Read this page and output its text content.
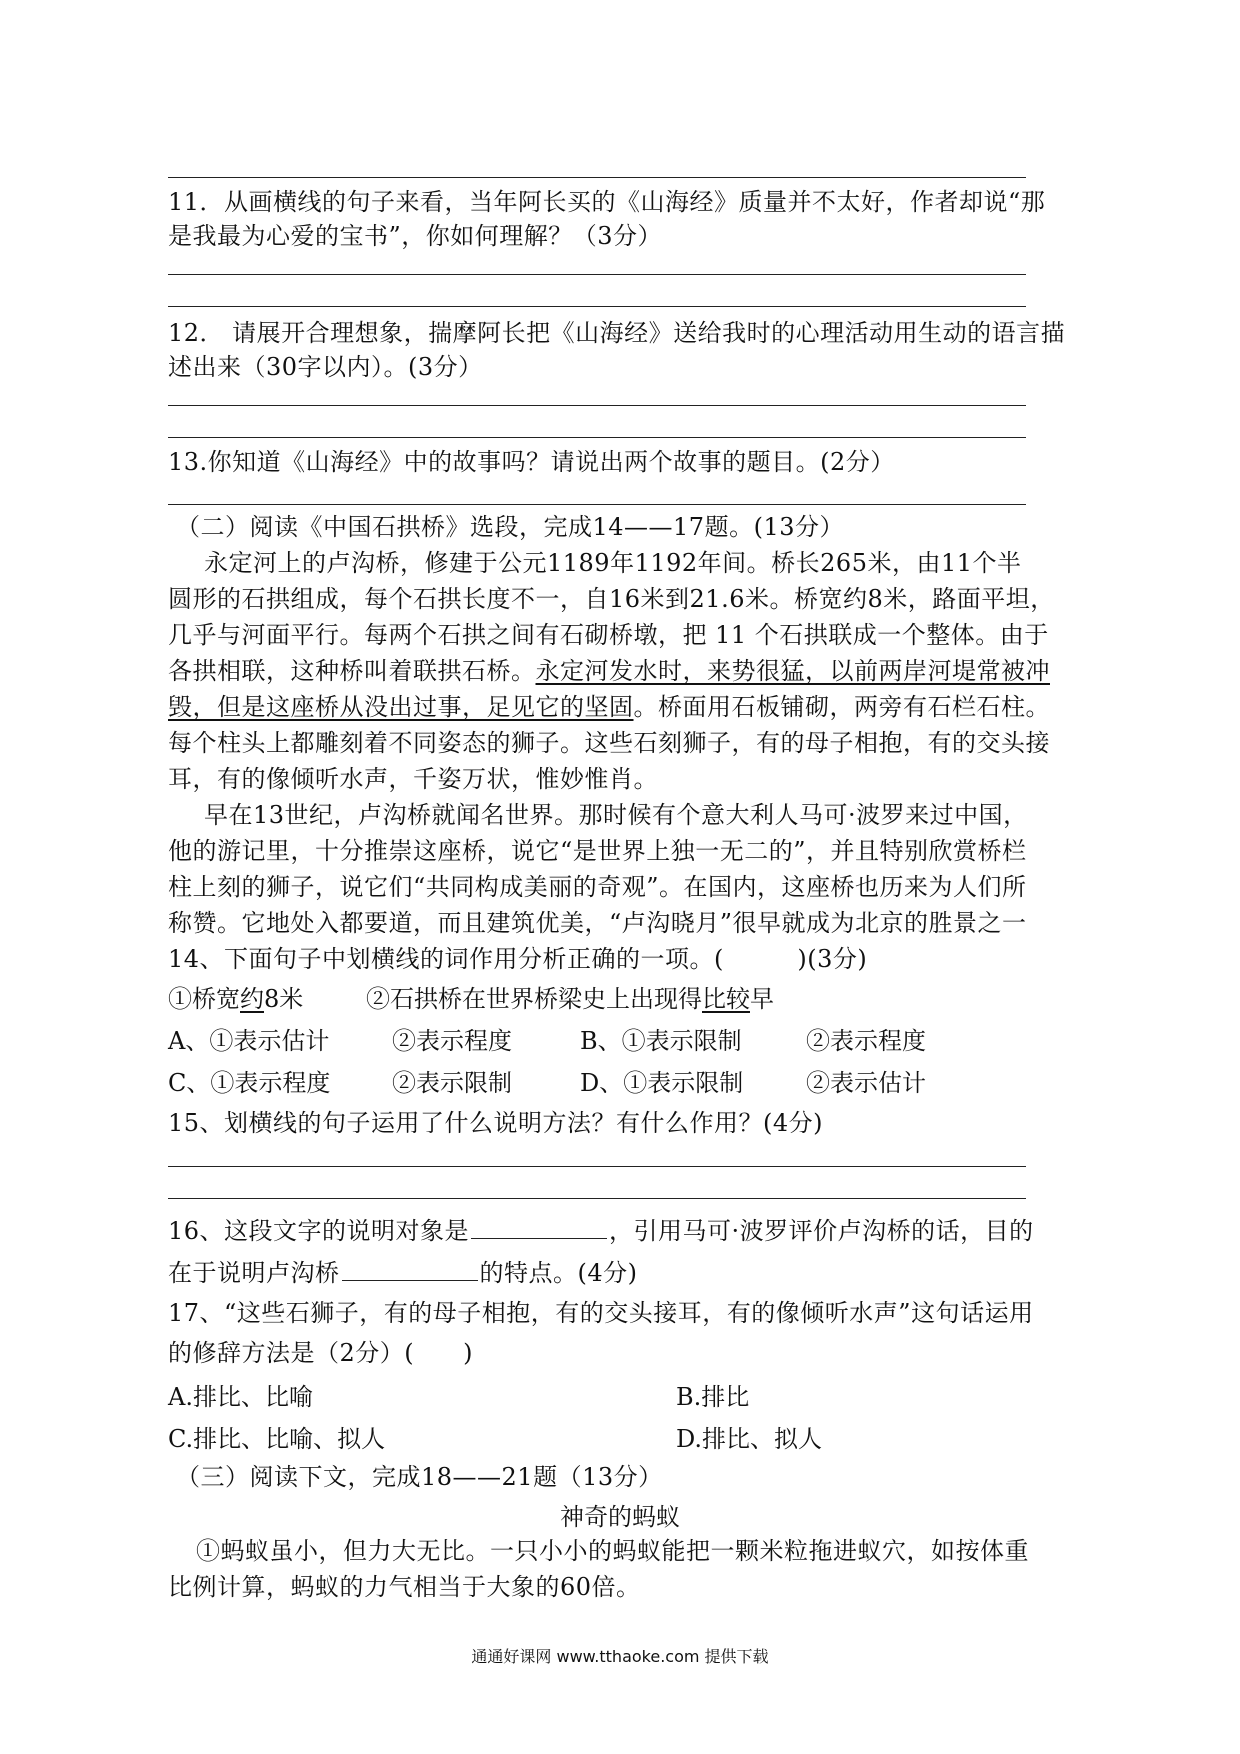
11．从画横线的句子来看，当年阿长买的《山海经》质量并不太好，作者却说“那
是我最为心爱的宝书”，你如何理解？（3分）
12． 请展开合理想象，揣摩阿长把《山海经》送给我时的心理活动用生动的语言描
述出来（30字以内）。(3分）
13.你知道《山海经》中的故事吗？请说出两个故事的题目。(2分）
（二）阅读《中国石拱桥》选段，完成14——17题。(13分）
永定河上的卢沟桥，修建于公元1189年1192年间。桥长265米，由11个半
圆形的石拱组成，每个石拱长度不一，自16米到21.6米。桥宽约8米，路面平坦，
几乎与河面平行。每两个石拱之间有石砌桥墩，把 11 个石拱联成一个整体。由于
各拱相联，这种桥叫着联拱石桥。永定河发水时，来势很猛，以前两岸河堤常被冲
毁，但是这座桥从没出过事，足见它的坚固。桥面用石板铺砌，两旁有石栏石柱。
每个柱头上都雕刻着不同姿态的狮子。这些石刻狮子，有的母子相抱，有的交头接
耳，有的像倾听水声，千姿万状，惟妙惟肖。
早在13世纪，卢沟桥就闻名世界。那时候有个意大利人马可·波罗来过中国，
他的游记里，十分推崇这座桥，说它“是世界上独一无二的”，并且特别欣赏桥栏
柱上刻的狮子，说它们“共同构成美丽的奇观”。在国内，这座桥也历来为人们所
称赞。它地处入都要道，而且建筑优美，“卢沟晓月”很早就成为北京的胜景之一
14、下面句子中划横线的词作用分析正确的一项。(　　　)(3分)
①桥宽约8米	②石拱桥在世界桥梁史上出现得比较早
A、①表示估计	②表示程度	B、①表示限制	②表示程度
C、①表示程度	②表示限制	D、①表示限制	②表示估计
15、划横线的句子运用了什么说明方法？有什么作用？(4分)
16、这段文字的说明对象是	，引用马可·波罗评价卢沟桥的话，目的
在于说明卢沟桥	的特点。(4分)
17、“这些石狮子，有的母子相抱，有的交头接耳，有的像倾听水声”这句话运用
的修辞方法是（2分）(　　)
A.排比、比喻	B.排比
C.排比、比喻、拟人	D.排比、拟人
（三）阅读下文，完成18——21题（13分）
神奇的蚂蚁
①蚂蚁虽小，但力大无比。一只小小的蚂蚁能把一颗米粒拖进蚁穴，如按体重
比例计算，蚂蚁的力气相当于大象的60倍。
通通好课网 www.tthaoke.com 提供下载
